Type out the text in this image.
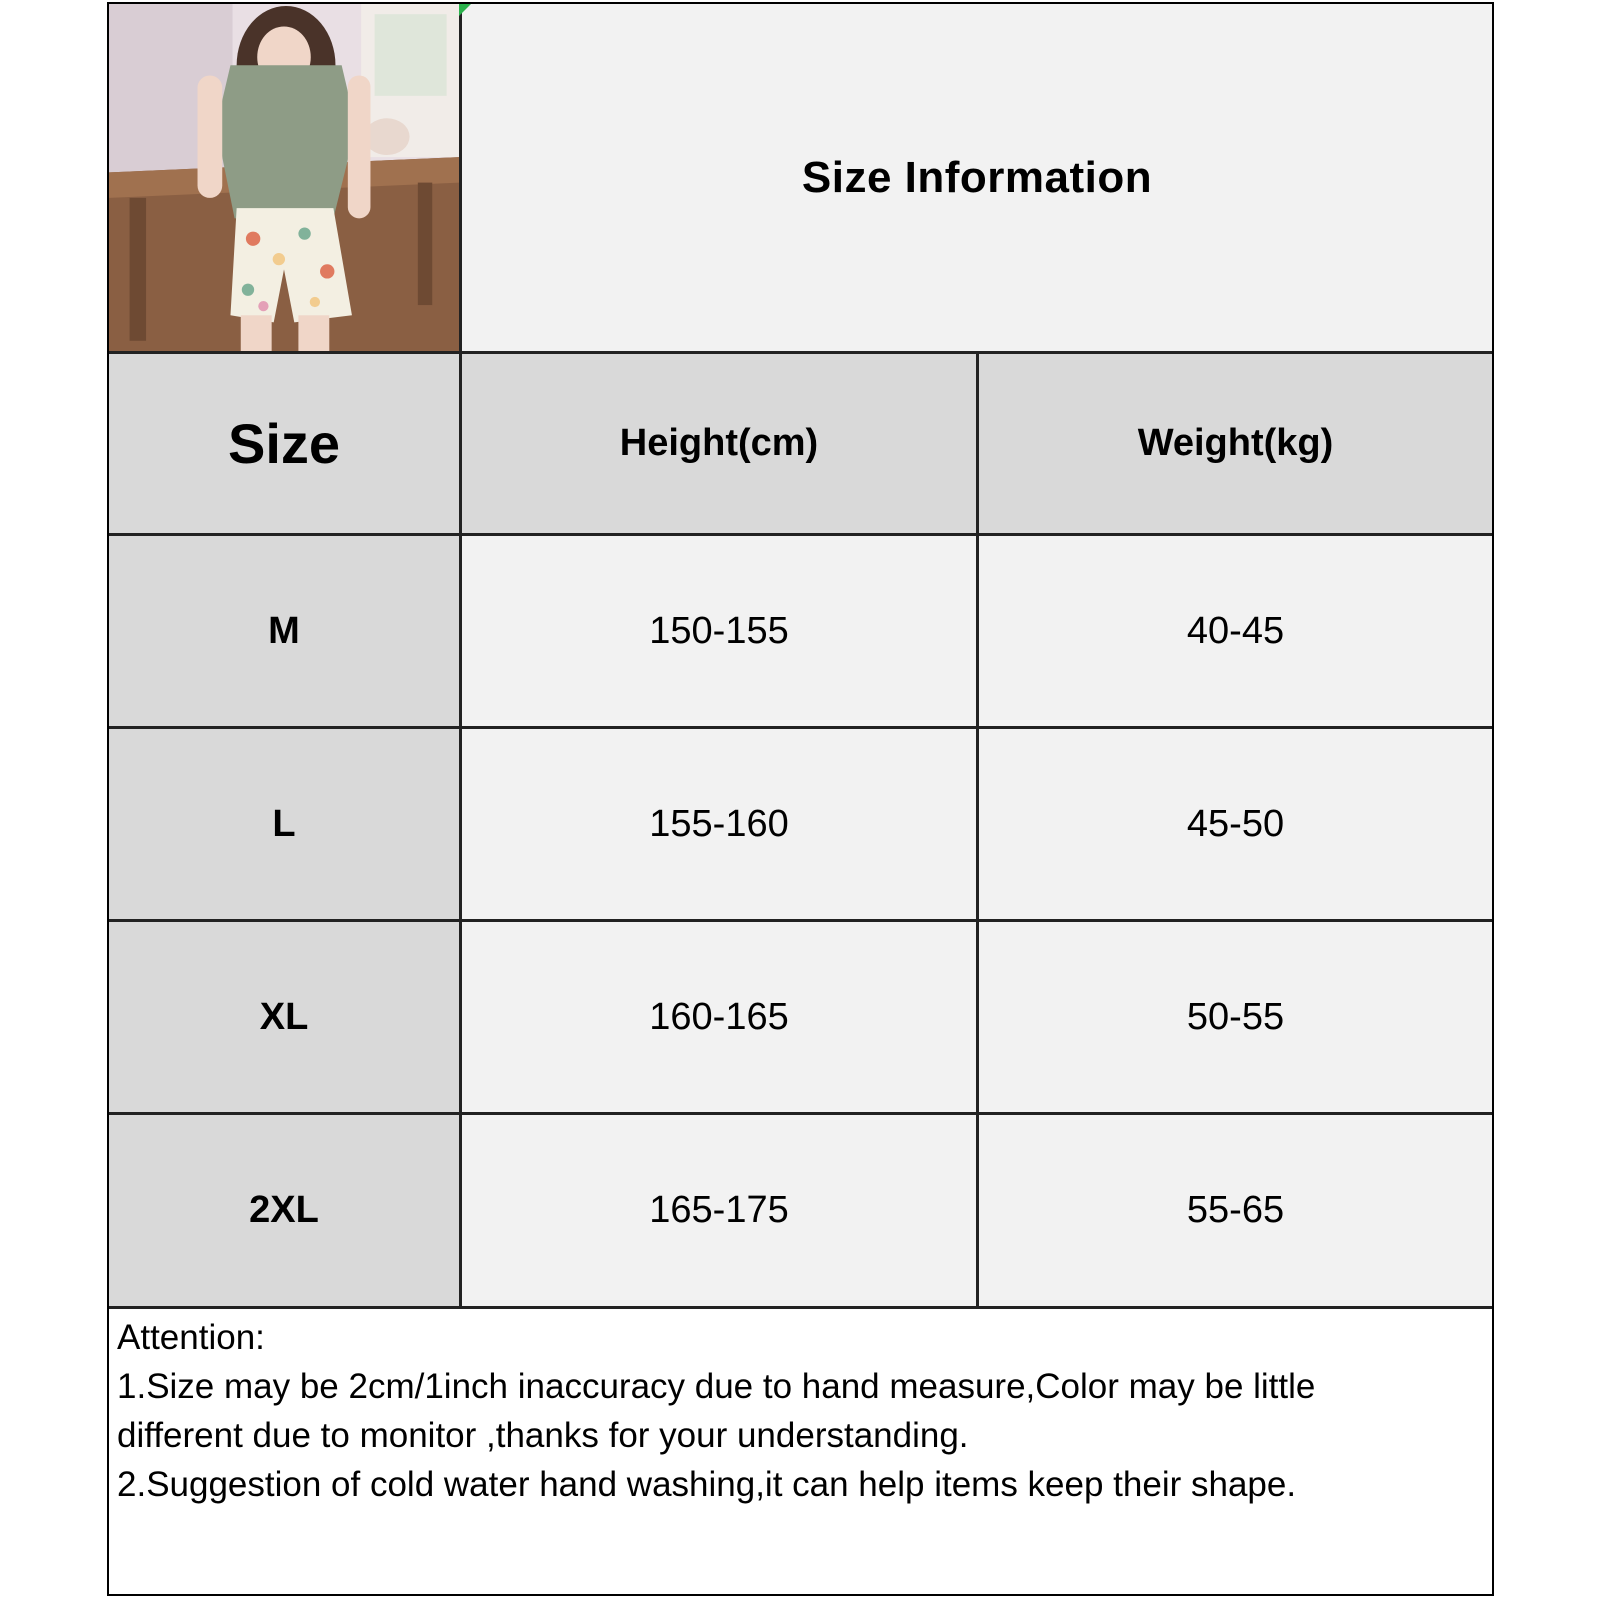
Size Information
Size	Height(cm)	Weight(kg)
M	150-155	40-45
L	155-160	45-50
XL	160-165	50-55
2XL	165-175	55-65
Attention:
1.Size may be 2cm/1inch inaccuracy due to hand measure,Color may be little
different due to monitor ,thanks for your understanding.
2.Suggestion of cold water hand washing,it can help items keep their shape.
